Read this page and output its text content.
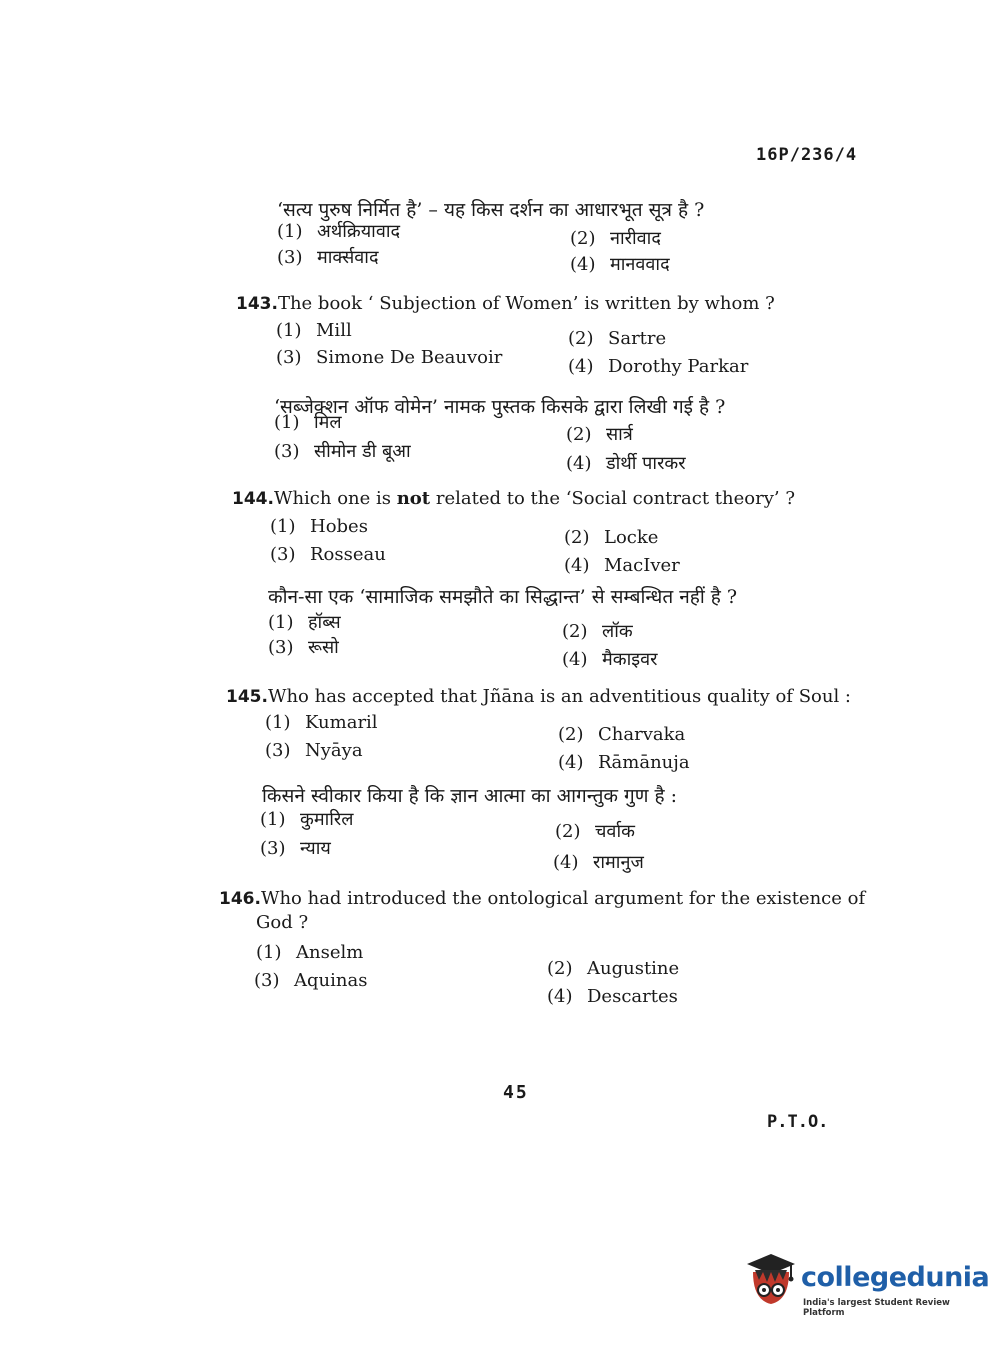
16P/236/4
‘सत्य पुरुष निर्मित है’ – यह किस दर्शन का आधारभूत सूत्र है ?
(1) अर्थक्रियावाद	(2) नारीवाद
(3) मार्क्सवाद	(4) मानववाद
143.The book ‘ Subjection of Women’ is written by whom ?
(1) Mill	(2) Sartre
(3) Simone De Beauvoir	(4) Dorothy Parkar
‘सब्जेक्शन ऑफ वोमेन’ नामक पुस्तक किसके द्वारा लिखी गई है ?
(1) मिल
(2) सार्त्र
(3) सीमोन डी बूआ
(4) डोर्थी पारकर
144.Which one is not related to the ‘Social contract theory’ ?
(1) Hobes
(2) Locke
(3) Rosseau
(4) MacIver
कौन-सा एक ‘सामाजिक समझौते का सिद्धान्त’ से सम्बन्धित नहीं है ?
(1) हॉब्स	(2) लॉक
(3) रूसो
(4) मैकाइवर
145.Who has accepted that Jñāna is an adventitious quality of Soul :
(1) Kumaril
(2) Charvaka
(3) Nyāya
(4) Rāmānuja
किसने स्वीकार किया है कि ज्ञान आत्मा का आगन्तुक गुण है :
(1) कुमारिल
(2) चर्वाक
(3) न्याय
(4) रामानुज
146.Who had introduced the ontological argument for the existence of
God ?
(1) Anselm
(2) Augustine
(3) Aquinas
(4) Descartes
45
P.T.O.
collegedunia
India's largest Student Review Platform
